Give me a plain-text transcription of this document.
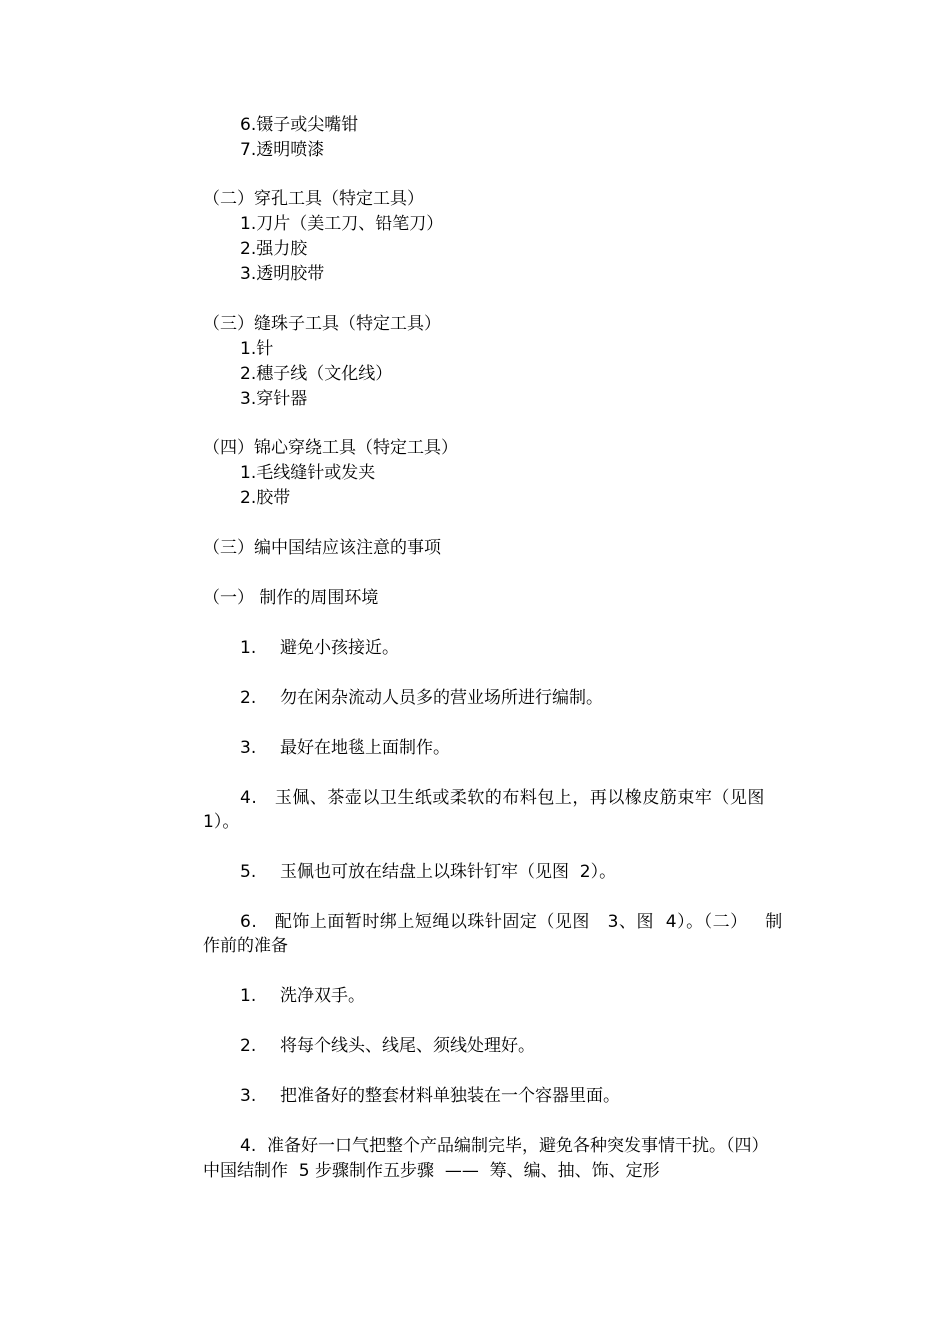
6.镊子或尖嘴钳

7.透明喷漆

（二）穿孔工具（特定工具）

1.刀片（美工刀、铅笔刀）

2.强力胶

3.透明胶带

（三）缝珠子工具（特定工具）

1.针

2.穗子线（文化线）

3.穿针器

（四）锦心穿绕工具（特定工具）

1.毛线缝针或发夹

2.胶带

（三）编中国结应该注意的事项

（一） 制作的周围环境

1. 避免小孩接近。

2. 勿在闲杂流动人员多的营业场所进行编制。

3. 最好在地毯上面制作。

4.   玉佩、茶壶以卫生纸或柔软的布料包上，再以橡皮筋束牢（见图

1）。

5. 玉佩也可放在结盘上以珠针钉牢（见图  2）。

6.   配饰上面暂时绑上短绳以珠针固定（见图   3、图  4）。（二）   制

作前的准备

1. 洗净双手。

2. 将每个线头、线尾、须线处理好。

3. 把准备好的整套材料单独装在一个容器里面。

4.  准备好一口气把整个产品编制完毕，避免各种突发事情干扰。（四）

中国结制作  5 步骤制作五步骤  ——  筹、编、抽、饰、定形
